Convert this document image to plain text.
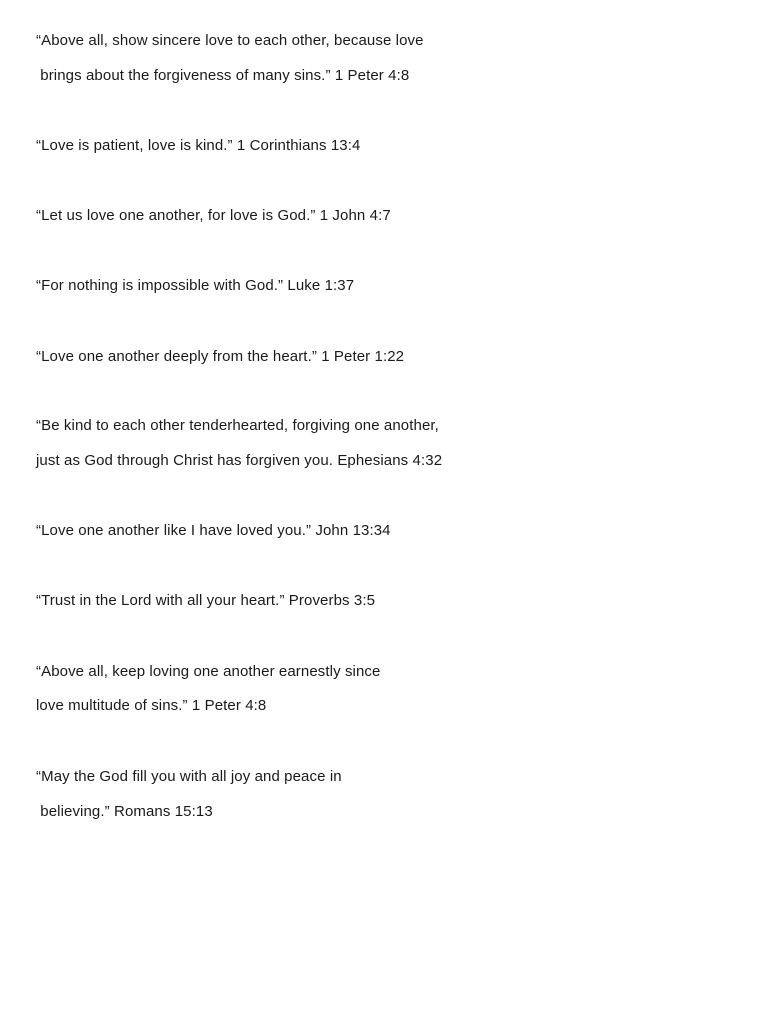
“Above all, show sincere love to each other, because love
brings about the forgiveness of many sins.” 1 Peter 4:8
“Love is patient, love is kind.” 1 Corinthians 13:4
“Let us love one another, for love is God.” 1 John 4:7
“For nothing is impossible with God.” Luke 1:37
“Love one another deeply from the heart.” 1 Peter 1:22
“Be kind to each other tenderhearted, forgiving one another,
just as God through Christ has forgiven you. Ephesians 4:32
“Love one another like I have loved you.” John 13:34
“Trust in the Lord with all your heart.” Proverbs 3:5
“Above all, keep loving one another earnestly since
love multitude of sins.” 1 Peter 4:8
“May the God fill you with all joy and peace in
believing.” Romans 15:13
